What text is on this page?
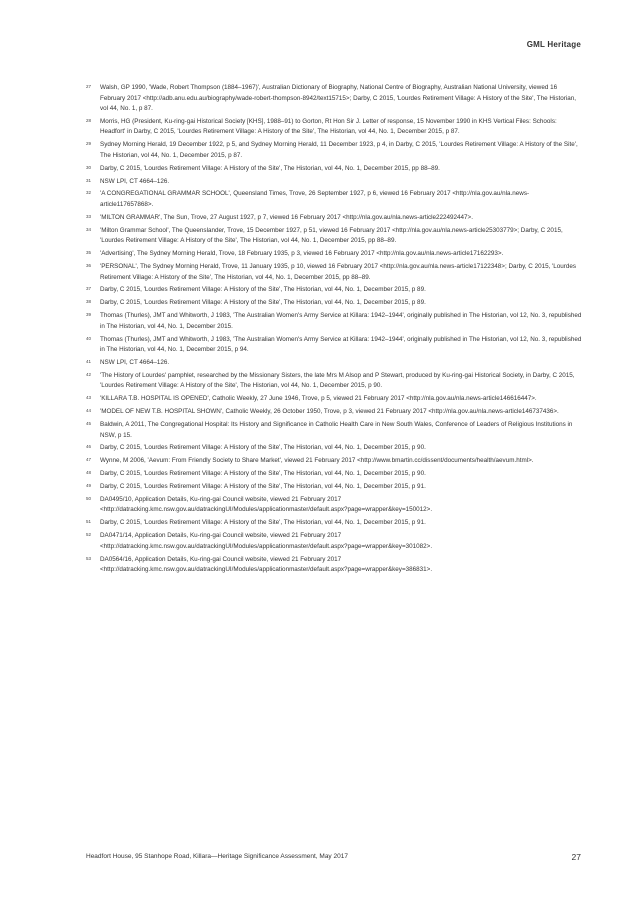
GML Heritage
27 Walsh, GP 1990, 'Wade, Robert Thompson (1884–1967)', Australian Dictionary of Biography, National Centre of Biography, Australian National University, viewed 16 February 2017 <http://adb.anu.edu.au/biography/wade-robert-thompson-8942/text15715>; Darby, C 2015, 'Lourdes Retirement Village: A History of the Site', The Historian, vol 44, No. 1, p 87.
28 Morris, HG (President, Ku-ring-gai Historical Society [KHS], 1988–91) to Gorton, Rt Hon Sir J. Letter of response, 15 November 1990 in KHS Vertical Files: Schools: Headfort' in Darby, C 2015, 'Lourdes Retirement Village: A History of the Site', The Historian, vol 44, No. 1, December 2015, p 87.
29 Sydney Morning Herald, 19 December 1922, p 5, and Sydney Morning Herald, 11 December 1923, p 4, in Darby, C 2015, 'Lourdes Retirement Village: A History of the Site', The Historian, vol 44, No. 1, December 2015, p 87.
30 Darby, C 2015, 'Lourdes Retirement Village: A History of the Site', The Historian, vol 44, No. 1, December 2015, pp 88–89.
31 NSW LPI, CT 4664–126.
32 'A CONGREGATIONAL GRAMMAR SCHOOL', Queensland Times, Trove, 26 September 1927, p 6, viewed 16 February 2017 <http://nla.gov.au/nla.news-article117657868>.
33 'MILTON GRAMMAR', The Sun, Trove, 27 August 1927, p 7, viewed 16 February 2017 <http://nla.gov.au/nla.news-article222492447>.
34 'Milton Grammar School', The Queenslander, Trove, 15 December 1927, p 51, viewed 16 February 2017 <http://nla.gov.au/nla.news-article25303779>; Darby, C 2015, 'Lourdes Retirement Village: A History of the Site', The Historian, vol 44, No. 1, December 2015, pp 88–89.
35 'Advertising', The Sydney Morning Herald, Trove, 18 February 1935, p 3, viewed 16 February 2017 <http://nla.gov.au/nla.news-article17162293>.
36 'PERSONAL', The Sydney Morning Herald, Trove, 11 January 1935, p 10, viewed 16 February 2017 <http://nla.gov.au/nla.news-article17122348>; Darby, C 2015, 'Lourdes Retirement Village: A History of the Site', The Historian, vol 44, No. 1, December 2015, pp 88–89.
37 Darby, C 2015, 'Lourdes Retirement Village: A History of the Site', The Historian, vol 44, No. 1, December 2015, p 89.
38 Darby, C 2015, 'Lourdes Retirement Village: A History of the Site', The Historian, vol 44, No. 1, December 2015, p 89.
39 Thomas (Thurles), JMT and Whitworth, J 1983, 'The Australian Women's Army Service at Killara: 1942–1944', originally published in The Historian, vol 12, No. 3, republished in The Historian, vol 44, No. 1, December 2015.
40 Thomas (Thurles), JMT and Whitworth, J 1983, 'The Australian Women's Army Service at Killara: 1942–1944', originally published in The Historian, vol 12, No. 3, republished in The Historian, vol 44, No. 1, December 2015, p 94.
41 NSW LPI, CT 4664–126.
42 'The History of Lourdes' pamphlet, researched by the Missionary Sisters, the late Mrs M Alsop and P Stewart, produced by Ku-ring-gai Historical Society, in Darby, C 2015, 'Lourdes Retirement Village: A History of the Site', The Historian, vol 44, No. 1, December 2015, p 90.
43 'KILLARA T.B. HOSPITAL IS OPENED', Catholic Weekly, 27 June 1946, Trove, p 5, viewed 21 February 2017 <http://nla.gov.au/nla.news-article146616447>.
44 'MODEL OF NEW T.B. HOSPITAL SHOWN', Catholic Weekly, 26 October 1950, Trove, p 3, viewed 21 February 2017 <http://nla.gov.au/nla.news-article146737436>.
45 Baldwin, A 2011, The Congregational Hospital: Its History and Significance in Catholic Health Care in New South Wales, Conference of Leaders of Religious Institutions in NSW, p 15.
46 Darby, C 2015, 'Lourdes Retirement Village: A History of the Site', The Historian, vol 44, No. 1, December 2015, p 90.
47 Wynne, M 2006, 'Aevum: From Friendly Society to Share Market', viewed 21 February 2017 <http://www.bmartin.cc/dissent/documents/health/aevum.html>.
48 Darby, C 2015, 'Lourdes Retirement Village: A History of the Site', The Historian, vol 44, No. 1, December 2015, p 90.
49 Darby, C 2015, 'Lourdes Retirement Village: A History of the Site', The Historian, vol 44, No. 1, December 2015, p 91.
50 DA0495/10, Application Details, Ku-ring-gai Council website, viewed 21 February 2017 <http://datracking.kmc.nsw.gov.au/datrackingUI/Modules/applicationmaster/default.aspx?page=wrapper&key=150012>.
51 Darby, C 2015, 'Lourdes Retirement Village: A History of the Site', The Historian, vol 44, No. 1, December 2015, p 91.
52 DA0471/14, Application Details, Ku-ring-gai Council website, viewed 21 February 2017 <http://datracking.kmc.nsw.gov.au/datrackingUI/Modules/applicationmaster/default.aspx?page=wrapper&key=301082>.
53 DA0564/16, Application Details, Ku-ring-gai Council website, viewed 21 February 2017 <http://datracking.kmc.nsw.gov.au/datrackingUI/Modules/applicationmaster/default.aspx?page=wrapper&key=386831>.
Headfort House, 95 Stanhope Road, Killara—Heritage Significance Assessment, May 2017	27
